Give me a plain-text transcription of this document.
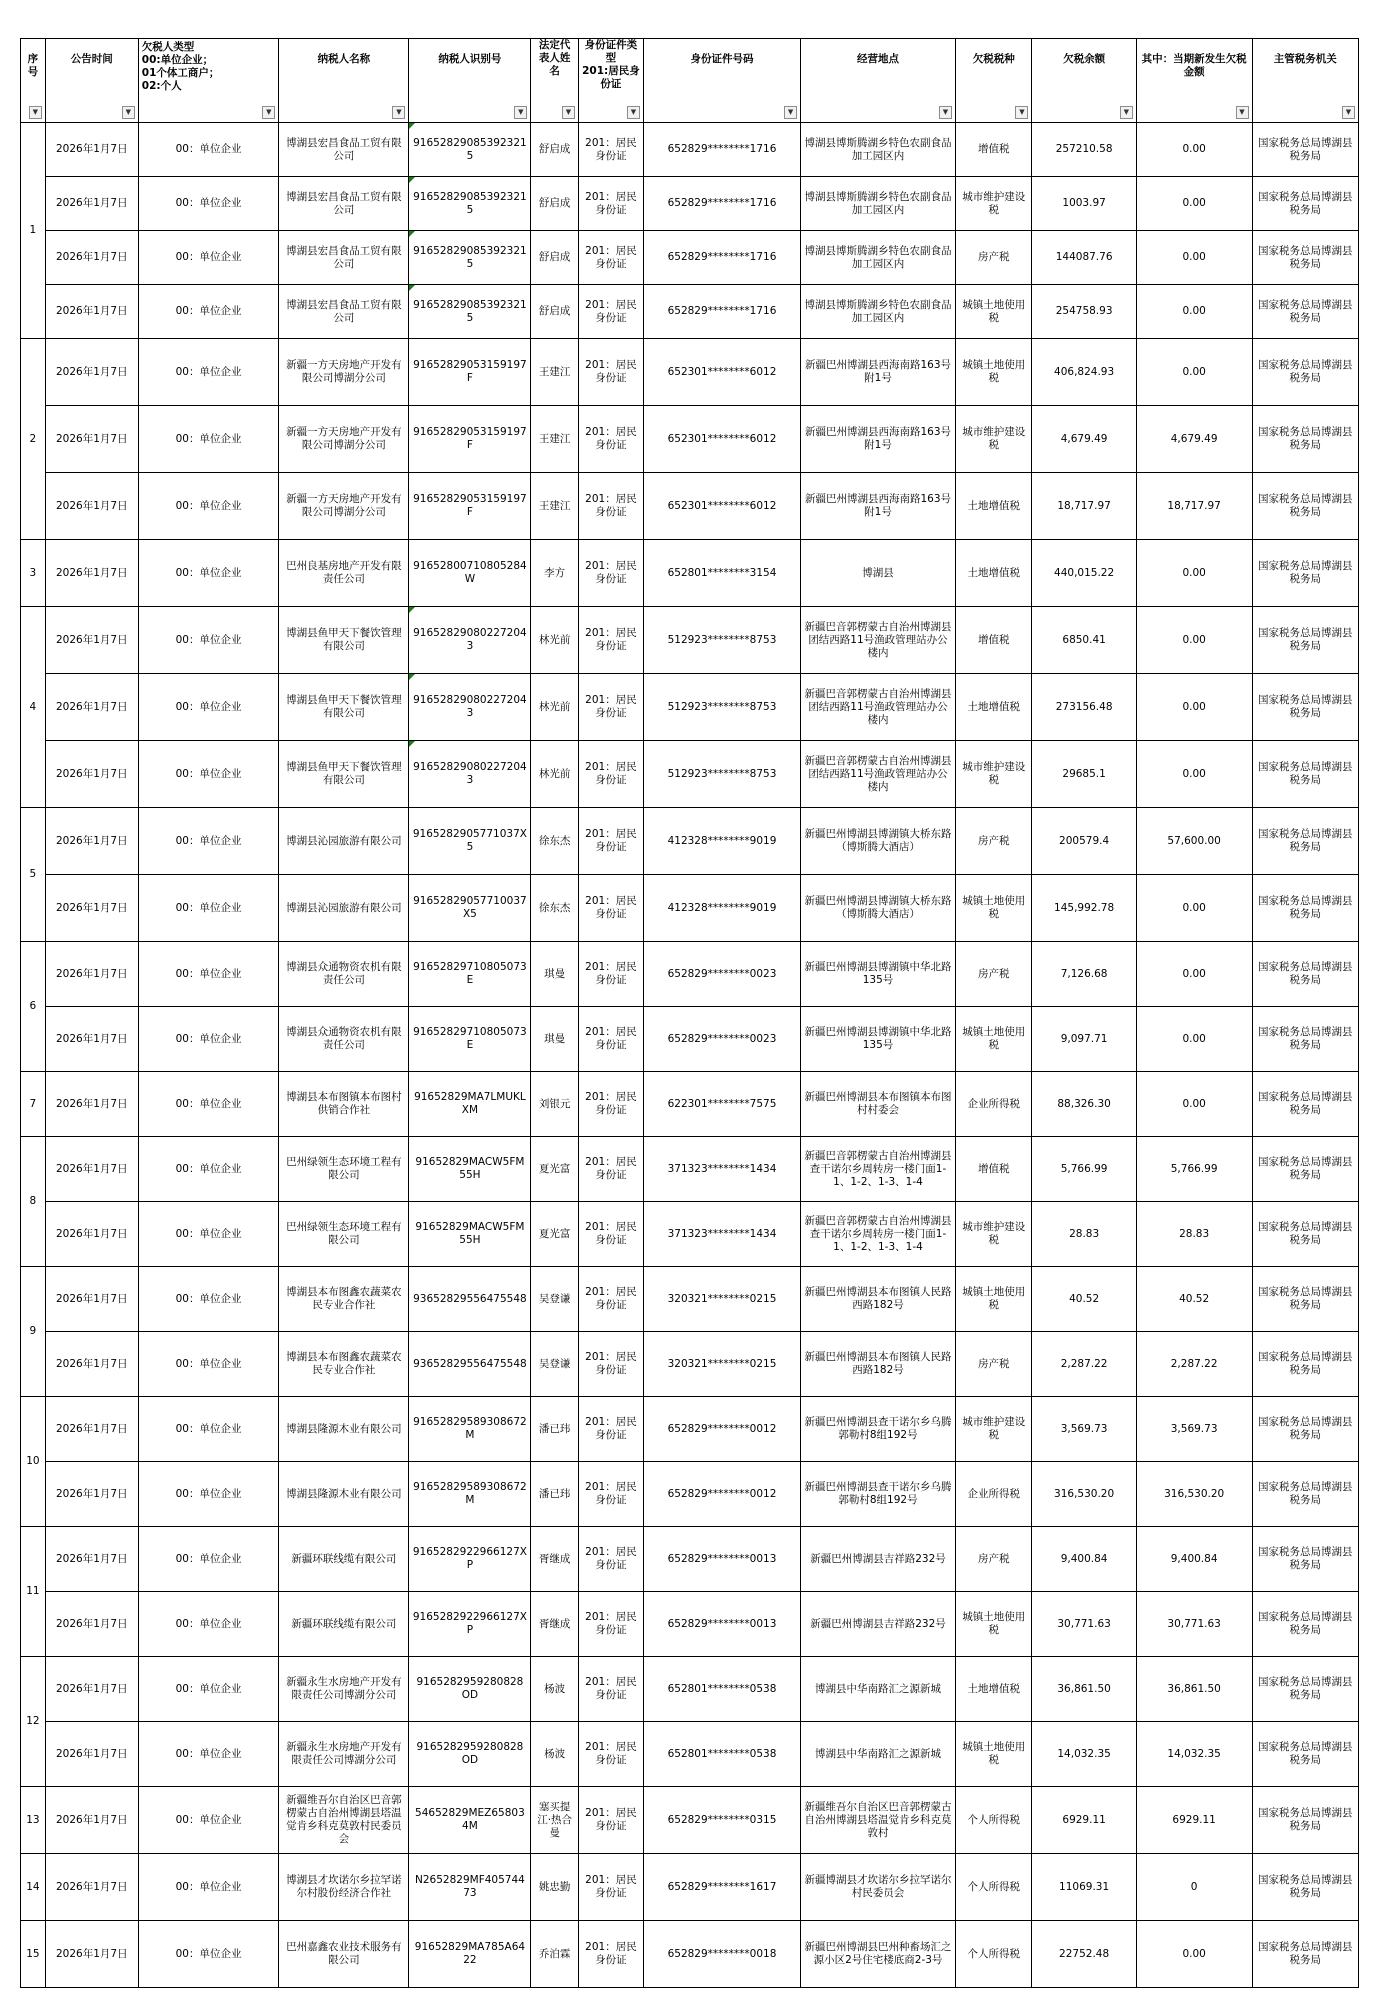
序号
▼	公告时间
▼	欠税人类型
00:单位企业；
01个体工商户；
02:个人
▼	纳税人名称
▼	纳税人识别号
▼	法定代表人姓名
▼	身份证件类型
201:居民身份证
▼	身份证件号码
▼	经营地点
▼	欠税税种
▼	欠税余额
▼	其中：当期新发生欠税金额
▼	主管税务机关
▼

1	2026年1月7日	00：单位企业	博湖县宏昌食品工贸有限公司	916528290853923215	舒启成	201：居民身份证	652829********1716	博湖县博斯腾湖乡特色农副食品加工园区内	增值税	257210.58	0.00	国家税务总局博湖县税务局
	2026年1月7日	00：单位企业	博湖县宏昌食品工贸有限公司	916528290853923215	舒启成	201：居民身份证	652829********1716	博湖县博斯腾湖乡特色农副食品加工园区内	城市维护建设税	1003.97	0.00	国家税务总局博湖县税务局
	2026年1月7日	00：单位企业	博湖县宏昌食品工贸有限公司	916528290853923215	舒启成	201：居民身份证	652829********1716	博湖县博斯腾湖乡特色农副食品加工园区内	房产税	144087.76	0.00	国家税务总局博湖县税务局
	2026年1月7日	00：单位企业	博湖县宏昌食品工贸有限公司	916528290853923215	舒启成	201：居民身份证	652829********1716	博湖县博斯腾湖乡特色农副食品加工园区内	城镇土地使用税	254758.93	0.00	国家税务总局博湖县税务局
2	2026年1月7日	00：单位企业	新疆一方天房地产开发有限公司博湖分公司	91652829053159197F	王建江	201：居民身份证	652301********6012	新疆巴州博湖县西海南路163号附1号	城镇土地使用税	406,824.93	0.00	国家税务总局博湖县税务局
	2026年1月7日	00：单位企业	新疆一方天房地产开发有限公司博湖分公司	91652829053159197F	王建江	201：居民身份证	652301********6012	新疆巴州博湖县西海南路163号附1号	城市维护建设税	4,679.49	4,679.49	国家税务总局博湖县税务局
	2026年1月7日	00：单位企业	新疆一方天房地产开发有限公司博湖分公司	91652829053159197F	王建江	201：居民身份证	652301********6012	新疆巴州博湖县西海南路163号附1号	土地增值税	18,717.97	18,717.97	国家税务总局博湖县税务局
3	2026年1月7日	00：单位企业	巴州良基房地产开发有限责任公司	91652800710805284W	李方	201：居民身份证	652801********3154	博湖县	土地增值税	440,015.22	0.00	国家税务总局博湖县税务局
4	2026年1月7日	00：单位企业	博湖县鱼甲天下餐饮管理有限公司	916528290802272043	林光前	201：居民身份证	512923********8753	新疆巴音郭楞蒙古自治州博湖县团结西路11号渔政管理站办公楼内	增值税	6850.41	0.00	国家税务总局博湖县税务局
	2026年1月7日	00：单位企业	博湖县鱼甲天下餐饮管理有限公司	916528290802272043	林光前	201：居民身份证	512923********8753	新疆巴音郭楞蒙古自治州博湖县团结西路11号渔政管理站办公楼内	土地增值税	273156.48	0.00	国家税务总局博湖县税务局
	2026年1月7日	00：单位企业	博湖县鱼甲天下餐饮管理有限公司	916528290802272043	林光前	201：居民身份证	512923********8753	新疆巴音郭楞蒙古自治州博湖县团结西路11号渔政管理站办公楼内	城市维护建设税	29685.1	0.00	国家税务总局博湖县税务局
5	2026年1月7日	00：单位企业	博湖县沁园旅游有限公司	9165282905771037X5	徐东杰	201：居民身份证	412328********9019	新疆巴州博湖县博湖镇大桥东路（博斯腾大酒店）	房产税	200579.4	57,600.00	国家税务总局博湖县税务局
	2026年1月7日	00：单位企业	博湖县沁园旅游有限公司	91652829057710037X5	徐东杰	201：居民身份证	412328********9019	新疆巴州博湖县博湖镇大桥东路（博斯腾大酒店）	城镇土地使用税	145,992.78	0.00	国家税务总局博湖县税务局
6	2026年1月7日	00：单位企业	博湖县众通物资农机有限责任公司	91652829710805073E	琪曼	201：居民身份证	652829********0023	新疆巴州博湖县博湖镇中华北路135号	房产税	7,126.68	0.00	国家税务总局博湖县税务局
	2026年1月7日	00：单位企业	博湖县众通物资农机有限责任公司	91652829710805073E	琪曼	201：居民身份证	652829********0023	新疆巴州博湖县博湖镇中华北路135号	城镇土地使用税	9,097.71	0.00	国家税务总局博湖县税务局
7	2026年1月7日	00：单位企业	博湖县本布图镇本布图村供销合作社	91652829MA7LMUKLXM	刘银元	201：居民身份证	622301********7575	新疆巴州博湖县本布图镇本布图村村委会	企业所得税	88,326.30	0.00	国家税务总局博湖县税务局
8	2026年1月7日	00：单位企业	巴州绿领生态环境工程有限公司	91652829MACW5FM55H	夏光富	201：居民身份证	371323********1434	新疆巴音郭楞蒙古自治州博湖县查干诺尔乡周转房一楼门面1-1、1-2、1-3、1-4	增值税	5,766.99	5,766.99	国家税务总局博湖县税务局
	2026年1月7日	00：单位企业	巴州绿领生态环境工程有限公司	91652829MACW5FM55H	夏光富	201：居民身份证	371323********1434	新疆巴音郭楞蒙古自治州博湖县查干诺尔乡周转房一楼门面1-1、1-2、1-3、1-4	城市维护建设税	28.83	28.83	国家税务总局博湖县税务局
9	2026年1月7日	00：单位企业	博湖县本布图鑫农蔬菜农民专业合作社	93652829556475548	吴登谦	201：居民身份证	320321********0215	新疆巴州博湖县本布图镇人民路西路182号	城镇土地使用税	40.52	40.52	国家税务总局博湖县税务局
	2026年1月7日	00：单位企业	博湖县本布图鑫农蔬菜农民专业合作社	93652829556475548	吴登谦	201：居民身份证	320321********0215	新疆巴州博湖县本布图镇人民路西路182号	房产税	2,287.22	2,287.22	国家税务总局博湖县税务局
10	2026年1月7日	00：单位企业	博湖县隆源木业有限公司	91652829589308672M	潘已玮	201：居民身份证	652829********0012	新疆巴州博湖县查干诺尔乡乌腾郭勒村8组192号	城市维护建设税	3,569.73	3,569.73	国家税务总局博湖县税务局
	2026年1月7日	00：单位企业	博湖县隆源木业有限公司	91652829589308672M	潘已玮	201：居民身份证	652829********0012	新疆巴州博湖县查干诺尔乡乌腾郭勒村8组192号	企业所得税	316,530.20	316,530.20	国家税务总局博湖县税务局
11	2026年1月7日	00：单位企业	新疆环联线缆有限公司	9165282922966127XP	胥继成	201：居民身份证	652829********0013	新疆巴州博湖县吉祥路232号	房产税	9,400.84	9,400.84	国家税务总局博湖县税务局
	2026年1月7日	00：单位企业	新疆环联线缆有限公司	9165282922966127XP	胥继成	201：居民身份证	652829********0013	新疆巴州博湖县吉祥路232号	城镇土地使用税	30,771.63	30,771.63	国家税务总局博湖县税务局
12	2026年1月7日	00：单位企业	新疆永生水房地产开发有限责任公司博湖分公司	9165282959280828OD	杨波	201：居民身份证	652801********0538	博湖县中华南路汇之源新城	土地增值税	36,861.50	36,861.50	国家税务总局博湖县税务局
	2026年1月7日	00：单位企业	新疆永生水房地产开发有限责任公司博湖分公司	9165282959280828OD	杨波	201：居民身份证	652801********0538	博湖县中华南路汇之源新城	城镇土地使用税	14,032.35	14,032.35	国家税务总局博湖县税务局
13	2026年1月7日	00：单位企业	新疆维吾尔自治区巴音郭楞蒙古自治州博湖县塔温觉肯乡科克莫敦村民委员会	54652829MEZ658034M	塞买提江·热合曼	201：居民身份证	652829********0315	新疆维吾尔自治区巴音郭楞蒙古自治州博湖县塔温觉肯乡科克莫敦村	个人所得税	6929.11	6929.11	国家税务总局博湖县税务局
14	2026年1月7日	00：单位企业	博湖县才坎诺尔乡拉罕诺尔村股份经济合作社	N2652829MF40574473	姚忠勤	201：居民身份证	652829********1617	新疆博湖县才坎诺尔乡拉罕诺尔村民委员会	个人所得税	11069.31	0	国家税务总局博湖县税务局
15	2026年1月7日	00：单位企业	巴州嘉鑫农业技术服务有限公司	91652829MA785A6422	乔泊霖	201：居民身份证	652829********0018	新疆巴州博湖县巴州种畜场汇之源小区2号住宅楼底商2-3号	个人所得税	22752.48	0.00	国家税务总局博湖县税务局
